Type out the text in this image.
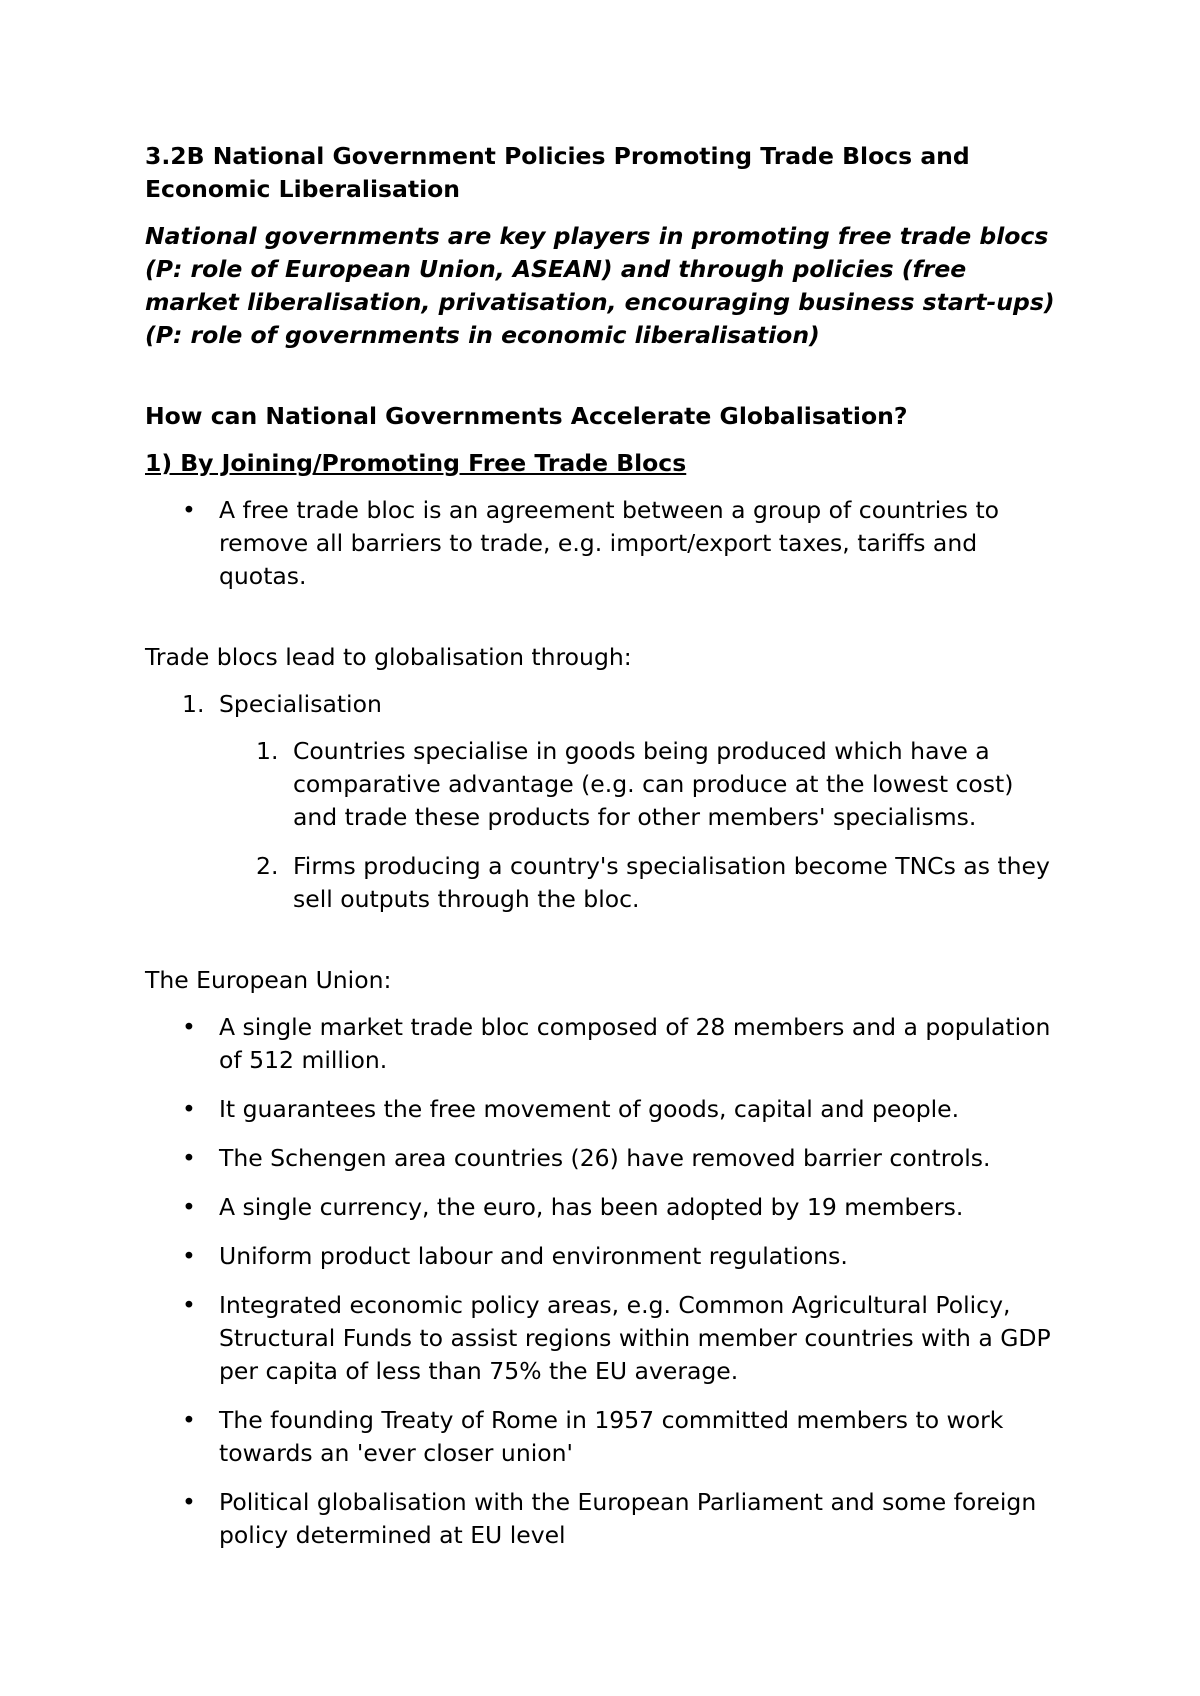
3.2B National Government Policies Promoting Trade Blocs and Economic Liberalisation

National governments are key players in promoting free trade blocs (P: role of European Union, ASEAN) and through policies (free market liberalisation, privatisation, encouraging business start-ups) (P: role of governments in economic liberalisation)

How can National Governments Accelerate Globalisation?
1) By Joining/Promoting Free Trade Blocs
• A free trade bloc is an agreement between a group of countries to remove all barriers to trade, e.g. import/export taxes, tariffs and quotas.

Trade blocs lead to globalisation through:

1. Specialisation
1. Countries specialise in goods being produced which have a comparative advantage (e.g. can produce at the lowest cost) and trade these products for other members' specialisms.
2. Firms producing a country's specialisation become TNCs as they sell outputs through the bloc.

The European Union:

• A single market trade bloc composed of 28 members and a population of 512 million.
• It guarantees the free movement of goods, capital and people.
• The Schengen area countries (26) have removed barrier controls.
• A single currency, the euro, has been adopted by 19 members.
• Uniform product labour and environment regulations.
• Integrated economic policy areas, e.g. Common Agricultural Policy, Structural Funds to assist regions within member countries with a GDP per capita of less than 75% the EU average.
• The founding Treaty of Rome in 1957 committed members to work towards an 'ever closer union'
• Political globalisation with the European Parliament and some foreign policy determined at EU level
